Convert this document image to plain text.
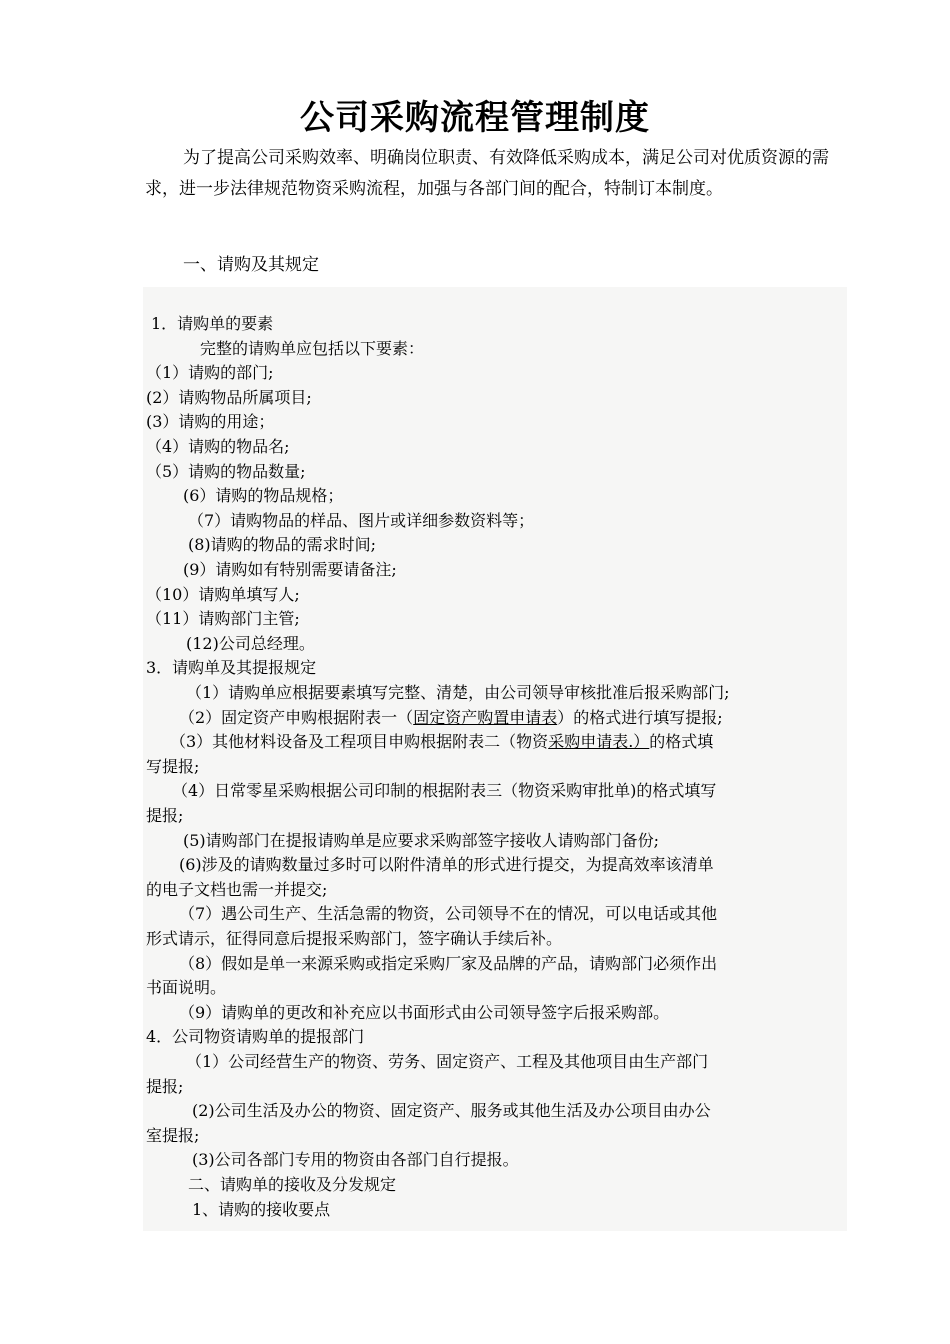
公司采购流程管理制度

为了提高公司采购效率、明确岗位职责、有效降低采购成本，满足公司对优质资源的需求，进一步法律规范物资采购流程，加强与各部门间的配合，特制订本制度。

一、请购及其规定
1．请购单的要素
完整的请购单应包括以下要素：
（1）请购的部门;
(2）请购物品所属项目;
(3）请购的用途；
（4）请购的物品名;
（5）请购的物品数量;
(6）请购的物品规格；
（7）请购物品的样品、图片或详细参数资料等；
(8)请购的物品的需求时间;
(9）请购如有特别需要请备注;
（10）请购单填写人;
（11）请购部门主管;
(12)公司总经理。
3．请购单及其提报规定
（1）请购单应根据要素填写完整、清楚，由公司领导审核批准后报采购部门;
（2）固定资产申购根据附表一（固定资产购置申请表）的格式进行填写提报;
（3）其他材料设备及工程项目申购根据附表二（物资采购申请表.）的格式填
写提报;
（4）日常零星采购根据公司印制的根据附表三（物资采购审批单)的格式填写
提报;
(5)请购部门在提报请购单是应要求采购部签字接收人请购部门备份;
(6)涉及的请购数量过多时可以附件清单的形式进行提交，为提高效率该清单
的电子文档也需一并提交;
（7）遇公司生产、生活急需的物资，公司领导不在的情况，可以电话或其他
形式请示，征得同意后提报采购部门，签字确认手续后补。
（8）假如是单一来源采购或指定采购厂家及品牌的产品，请购部门必须作出
书面说明。
（9）请购单的更改和补充应以书面形式由公司领导签字后报采购部。
4．公司物资请购单的提报部门
（1）公司经营生产的物资、劳务、固定资产、工程及其他项目由生产部门
提报;
(2)公司生活及办公的物资、固定资产、服务或其他生活及办公项目由办公
室提报;
(3)公司各部门专用的物资由各部门自行提报。
二、请购单的接收及分发规定
1、请购的接收要点
